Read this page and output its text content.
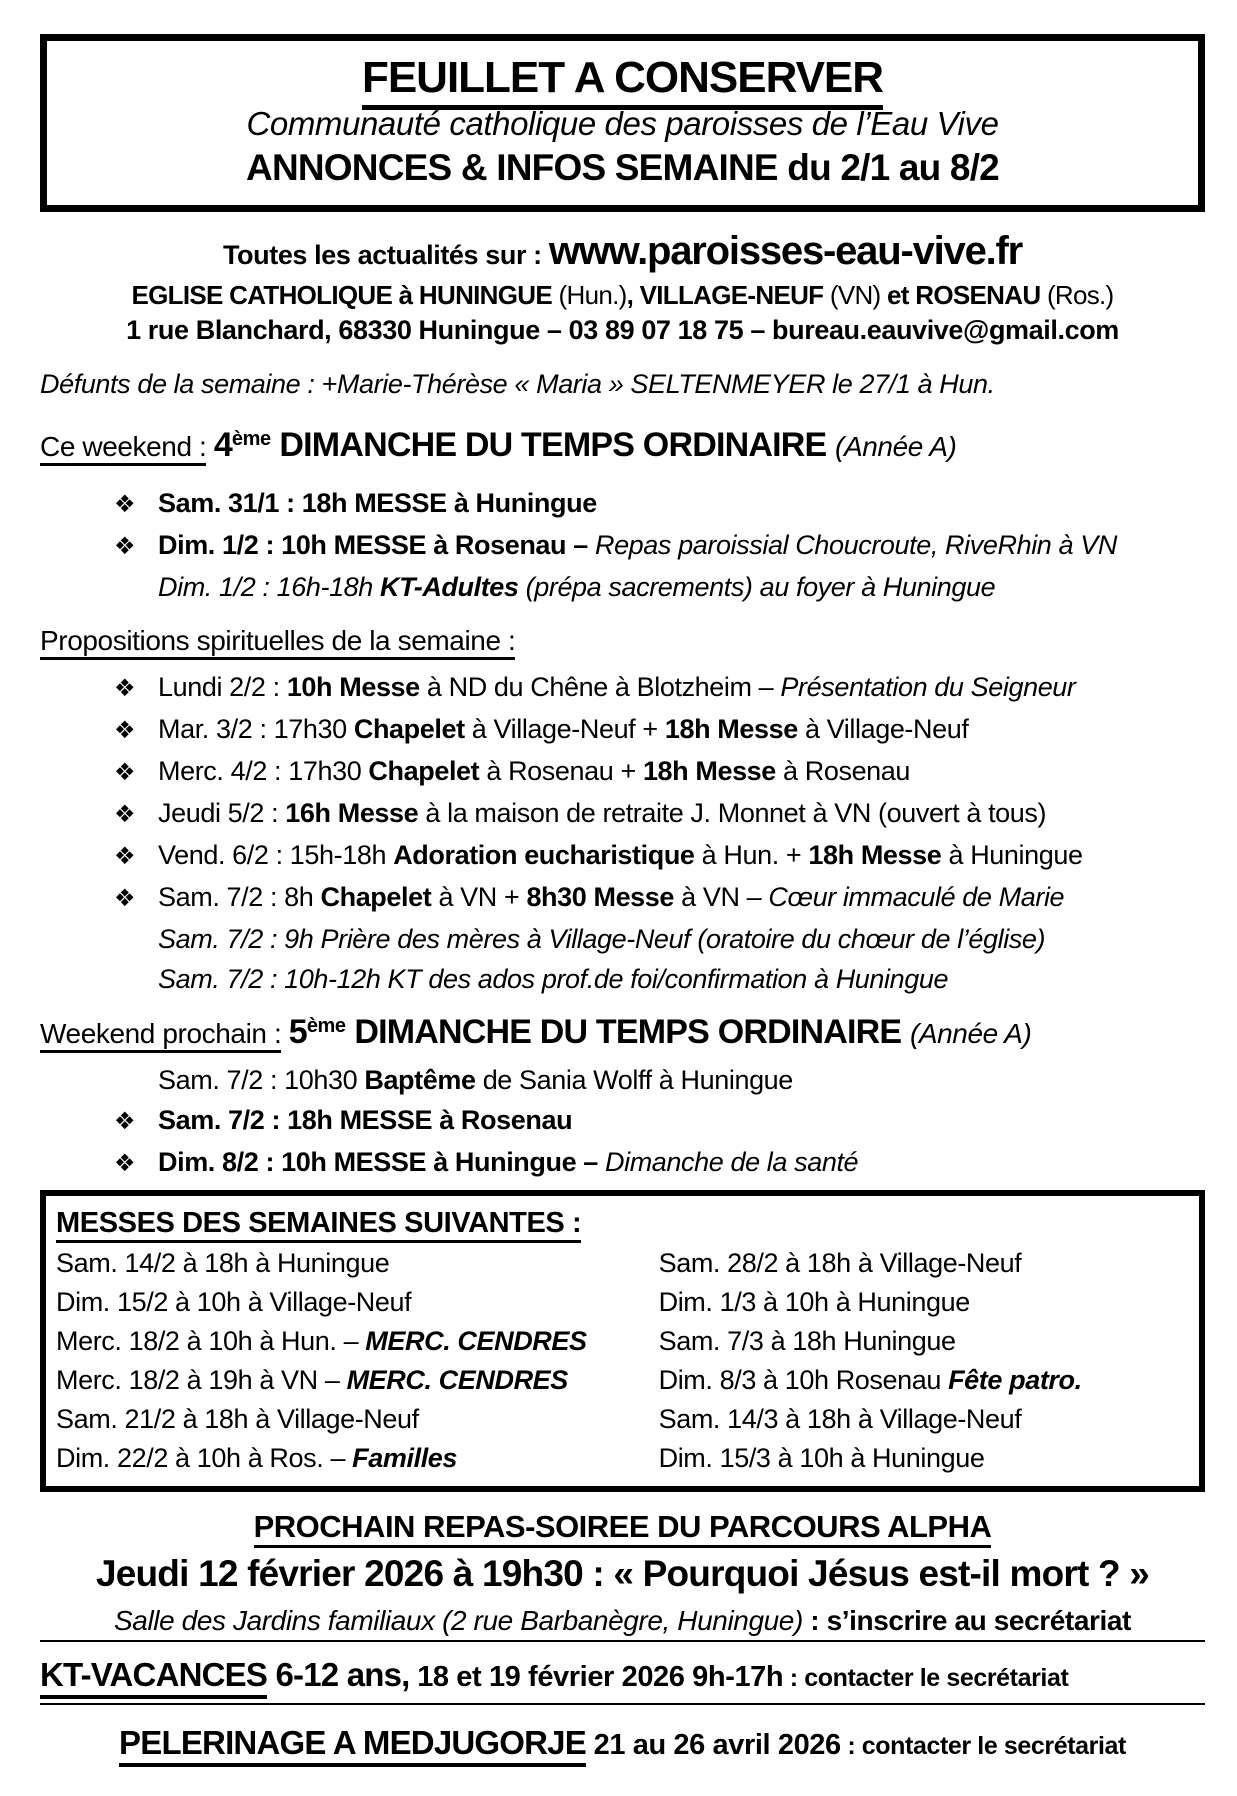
FEUILLET A CONSERVER
Communauté catholique des paroisses de l’Eau Vive
ANNONCES & INFOS SEMAINE du 2/1 au 8/2
Toutes les actualités sur : www.paroisses-eau-vive.fr
EGLISE CATHOLIQUE à HUNINGUE (Hun.), VILLAGE-NEUF (VN) et ROSENAU (Ros.)
1 rue Blanchard, 68330 Huningue – 03 89 07 18 75 – bureau.eauvive@gmail.com
Défunts de la semaine : +Marie-Thérèse « Maria » SELTENMEYER le 27/1 à Hun.
Ce weekend : 4ème DIMANCHE DU TEMPS ORDINAIRE (Année A)
❖ Sam. 31/1 : 18h MESSE à Huningue
❖ Dim. 1/2 : 10h MESSE à Rosenau – Repas paroissial Choucroute, RiveRhin à VN
Dim. 1/2 : 16h-18h KT-Adultes (prépa sacrements) au foyer à Huningue
Propositions spirituelles de la semaine :
❖ Lundi 2/2 : 10h Messe à ND du Chêne à Blotzheim – Présentation du Seigneur
❖ Mar. 3/2 : 17h30 Chapelet à Village-Neuf + 18h Messe à Village-Neuf
❖ Merc. 4/2 : 17h30 Chapelet à Rosenau + 18h Messe à Rosenau
❖ Jeudi 5/2 : 16h Messe à la maison de retraite J. Monnet à VN (ouvert à tous)
❖ Vend. 6/2 : 15h-18h Adoration eucharistique à Hun. + 18h Messe à Huningue
❖ Sam. 7/2 : 8h Chapelet à VN + 8h30 Messe à VN – Cœur immaculé de Marie
Sam. 7/2 : 9h Prière des mères à Village-Neuf (oratoire du chœur de l’église)
Sam. 7/2 : 10h-12h KT des ados prof.de foi/confirmation à Huningue
Weekend prochain : 5ème DIMANCHE DU TEMPS ORDINAIRE (Année A)
Sam. 7/2 : 10h30 Baptême de Sania Wolff à Huningue
❖ Sam. 7/2 : 18h MESSE à Rosenau
❖ Dim. 8/2 : 10h MESSE à Huningue – Dimanche de la santé
MESSES DES SEMAINES SUIVANTES :
Sam. 14/2 à 18h à Huningue
Dim. 15/2 à 10h à Village-Neuf
Merc. 18/2 à 10h à Hun. – MERC. CENDRES
Merc. 18/2 à 19h à VN – MERC. CENDRES
Sam. 21/2 à 18h à Village-Neuf
Dim. 22/2 à 10h à Ros. – Familles
Sam. 28/2 à 18h à Village-Neuf
Dim. 1/3 à 10h à Huningue
Sam. 7/3 à 18h Huningue
Dim. 8/3 à 10h Rosenau Fête patro.
Sam. 14/3 à 18h à Village-Neuf
Dim. 15/3 à 10h à Huningue
PROCHAIN REPAS-SOIREE DU PARCOURS ALPHA
Jeudi 12 février 2026 à 19h30 : « Pourquoi Jésus est-il mort ? »
Salle des Jardins familiaux (2 rue Barbanègre, Huningue) : s’inscrire au secrétariat
KT-VACANCES 6-12 ans, 18 et 19 février 2026 9h-17h : contacter le secrétariat
PELERINAGE A MEDJUGORJE 21 au 26 avril 2026 : contacter le secrétariat
